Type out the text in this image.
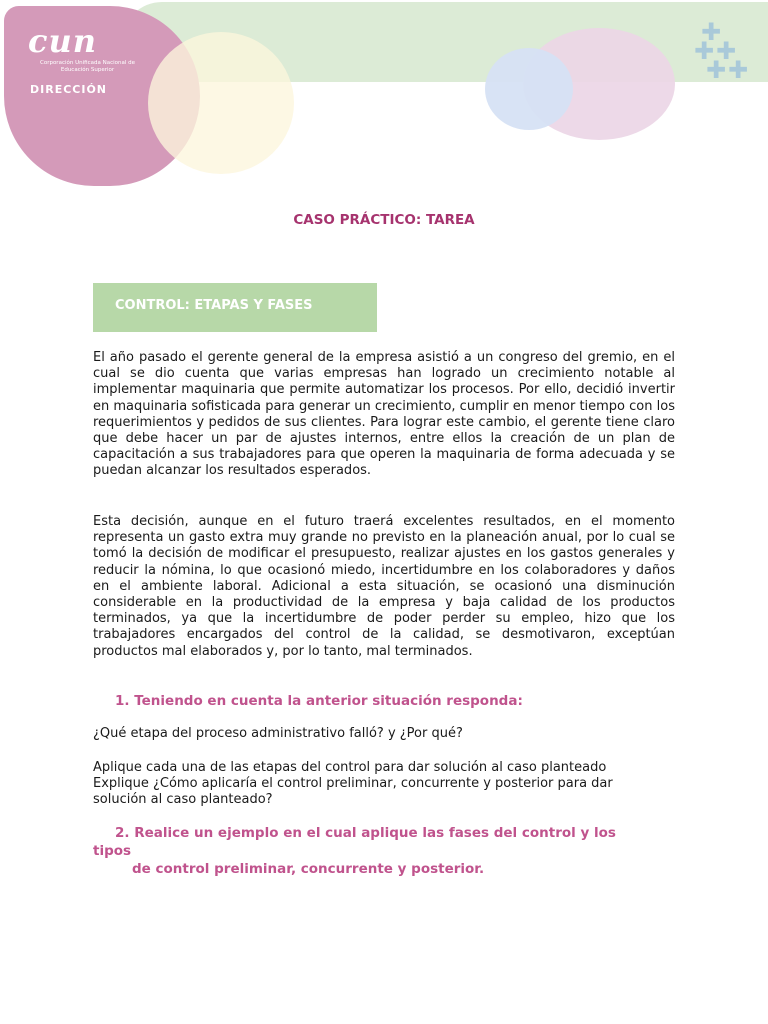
cun
Corporación Unificada Nacional de Educación Superior
DIRECCIÓN
✚
✚ ✚
✚ ✚
CASO PRÁCTICO: TAREA
CONTROL: ETAPAS Y FASES

El año pasado el gerente general de la empresa asistió a un congreso del gremio, en el cual se dio cuenta que varias empresas han logrado un crecimiento notable al implementar maquinaria que permite automatizar los procesos. Por ello, decidió invertir en maquinaria sofisticada para generar un crecimiento, cumplir en menor tiempo con los requerimientos y pedidos de sus clientes. Para lograr este cambio, el gerente tiene claro que debe hacer un par de ajustes internos, entre ellos la creación de un plan de capacitación a sus trabajadores para que operen la maquinaria de forma adecuada y se puedan alcanzar los resultados esperados.

Esta decisión, aunque en el futuro traerá excelentes resultados, en el momento representa un gasto extra muy grande no previsto en la planeación anual, por lo cual se tomó la decisión de modificar el presupuesto, realizar ajustes en los gastos generales y reducir la nómina, lo que ocasionó miedo, incertidumbre en los colaboradores y daños en el ambiente laboral. Adicional a esta situación, se ocasionó una disminución considerable en la productividad de la empresa y baja calidad de los productos terminados, ya que la incertidumbre de poder perder su empleo, hizo que los trabajadores encargados del control de la calidad, se desmotivaron, exceptúan productos mal elaborados y, por lo tanto, mal terminados.

1. Teniendo en cuenta la anterior situación responda:

¿Qué etapa del proceso administrativo falló? y ¿Por qué?

Aplique cada una de las etapas del control para dar solución al caso planteado

Explique ¿Cómo aplicaría el control preliminar, concurrente y posterior para dar solución al caso planteado?

2. Realice un ejemplo en el cual aplique las fases del control y los

tipos

de control preliminar, concurrente y posterior.
